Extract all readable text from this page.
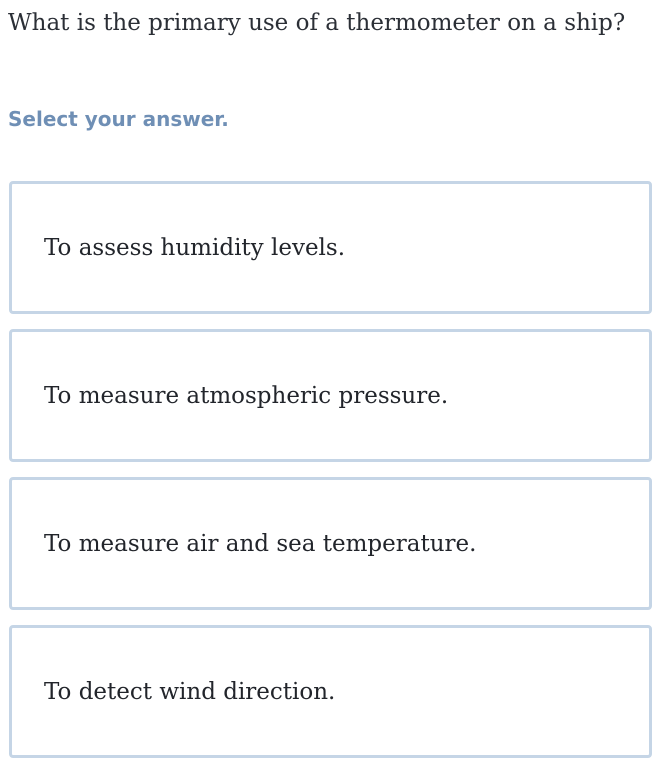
What is the primary use of a thermometer on a ship?
Select your answer.
To assess humidity levels.
To measure atmospheric pressure.
To measure air and sea temperature.
To detect wind direction.
